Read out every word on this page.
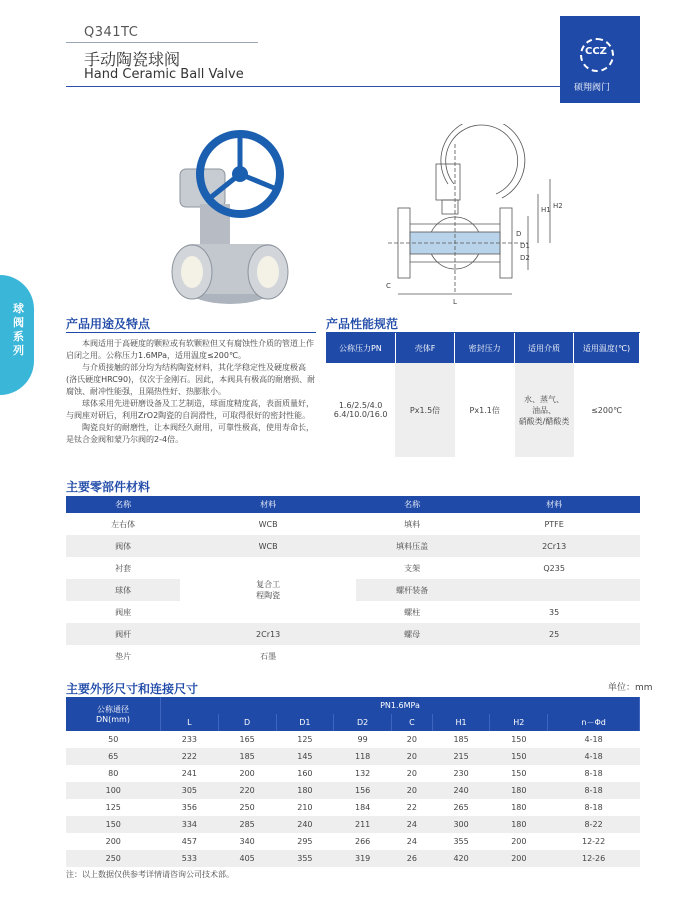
Q341TC
手动陶瓷球阀
Hand Ceramic Ball Valve
CCZ
硕翔阀门
球阀系列
H1 H2
D
D1
D2
C
L
产品用途及特点

本阀适用于高硬度的颗粒或有软颗粒但又有腐蚀性介质的管道上作启闭之用。公称压力1.6MPa，适用温度≤200℃。

与介质接触的部分均为结构陶瓷材料，其化学稳定性及硬度极高(洛氏硬度HRC90)，仅次于金刚石。因此，本阀具有极高的耐磨损、耐腐蚀、耐冲性能强，且隔热性好、热膨胀小。

球体采用先进研磨设备及工艺制造，球面度精度高，表面质量好，与阀座对研后，利用ZrO2陶瓷的自润滑性，可取得很好的密封性能。

陶瓷良好的耐磨性，让本阀经久耐用，可靠性极高，使用寿命长，是钛合金阀和蒙乃尔阀的2-4倍。

产品性能规范
公称压力PN	壳体F	密封压力	适用介质	适用温度(℃)
1.6/2.5/4.0
6.4/10.0/16.0	Px1.5倍	Px1.1倍	水、蒸气、
油品、
硝酸类/醋酸类	≤200℃
主要零部件材料
名称	材料	名称	材料
左右体	WCB	填料	PTFE
阀体	WCB	填料压盖	2Cr13
衬套	复合工
程陶瓷	支架	Q235
球体		螺杆装备	
阀座		螺柱	35
阀杆	2Cr13	螺母	25
垫片	石墨		
主要外形尺寸和连接尺寸	单位：mm
公称通径
DN(mm)	PN1.6MPa							
	L	D	D1	D2	C	H1	H2	n－Φd
50	233	165	125	99	20	185	150	4-18
65	222	185	145	118	20	215	150	4-18
80	241	200	160	132	20	230	150	8-18
100	305	220	180	156	20	240	180	8-18
125	356	250	210	184	22	265	180	8-18
150	334	285	240	211	24	300	180	8-22
200	457	340	295	266	24	355	200	12-22
250	533	405	355	319	26	420	200	12-26
注：以上数据仅供参考详情请咨询公司技术部。
